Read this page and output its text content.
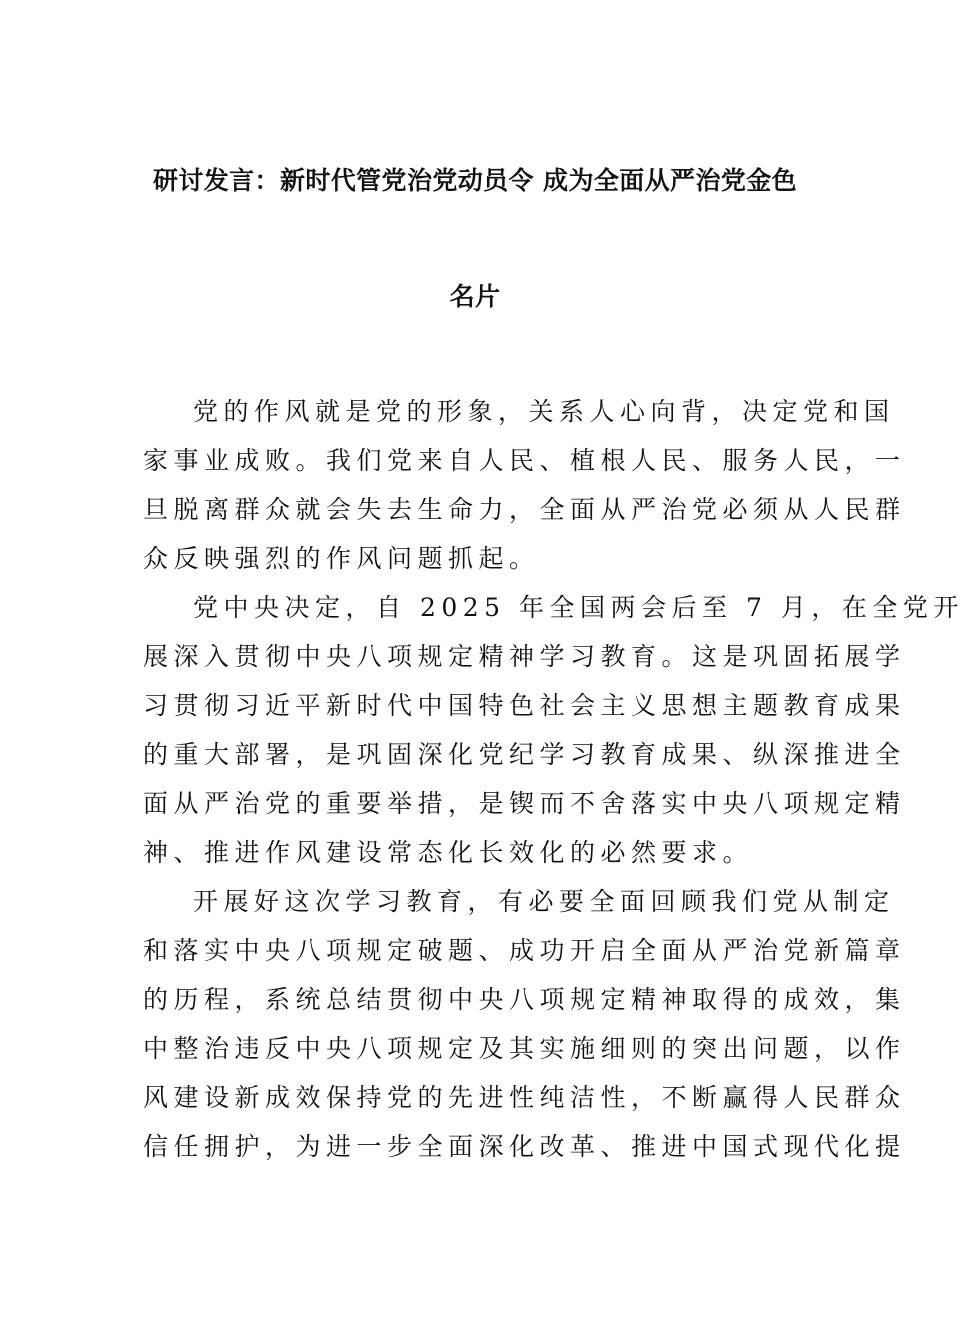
研讨发言：新时代管党治党动员令 成为全面从严治党金色
名片
党的作风就是党的形象，关系人心向背，决定党和国
家事业成败。我们党来自人民、植根人民、服务人民，一
旦脱离群众就会失去生命力，全面从严治党必须从人民群
众反映强烈的作风问题抓起。
党中央决定，自 2025 年全国两会后至 7 月，在全党开
展深入贯彻中央八项规定精神学习教育。这是巩固拓展学
习贯彻习近平新时代中国特色社会主义思想主题教育成果
的重大部署，是巩固深化党纪学习教育成果、纵深推进全
面从严治党的重要举措，是锲而不舍落实中央八项规定精
神、推进作风建设常态化长效化的必然要求。
开展好这次学习教育，有必要全面回顾我们党从制定
和落实中央八项规定破题、成功开启全面从严治党新篇章
的历程，系统总结贯彻中央八项规定精神取得的成效，集
中整治违反中央八项规定及其实施细则的突出问题，以作
风建设新成效保持党的先进性纯洁性，不断赢得人民群众
信任拥护，为进一步全面深化改革、推进中国式现代化提
